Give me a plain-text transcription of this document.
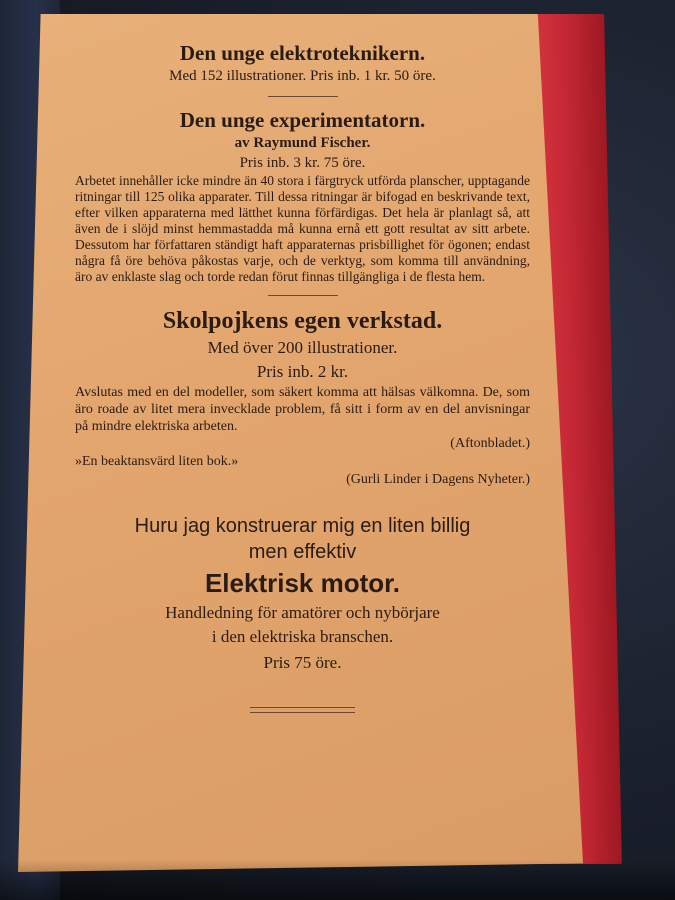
Den unge elektroteknikern.

Med 152 illustrationer. Pris inb. 1 kr. 50 öre.

Den unge experimentatorn.

av Raymund Fischer.

Pris inb. 3 kr. 75 öre.

Arbetet innehåller icke mindre än 40 stora i färgtryck utförda planscher, upptagande ritningar till 125 olika apparater. Till dessa ritningar är bifogad en beskrivande text, efter vilken apparaterna med lätthet kunna förfärdigas. Det hela är planlagt så, att även de i slöjd minst hemmastadda må kunna ernå ett gott resultat av sitt arbete. Dessutom har författaren ständigt haft apparaternas prisbillighet för ögonen; endast några få öre behöva påkostas varje, och de verktyg, som komma till användning, äro av enklaste slag och torde redan förut finnas tillgängliga i de flesta hem.

Skolpojkens egen verkstad.

Med över 200 illustrationer.

Pris inb. 2 kr.

Avslutas med en del modeller, som säkert komma att hälsas välkomna. De, som äro roade av litet mera invecklade problem, få sitt i form av en del anvisningar på mindre elektriska arbeten.

(Aftonbladet.)

»En beaktansvärd liten bok.»

(Gurli Linder i Dagens Nyheter.)

Huru jag konstruerar mig en liten billig

men effektiv

Elektrisk motor.

Handledning för amatörer och nybörjare

i den elektriska branschen.

Pris 75 öre.
